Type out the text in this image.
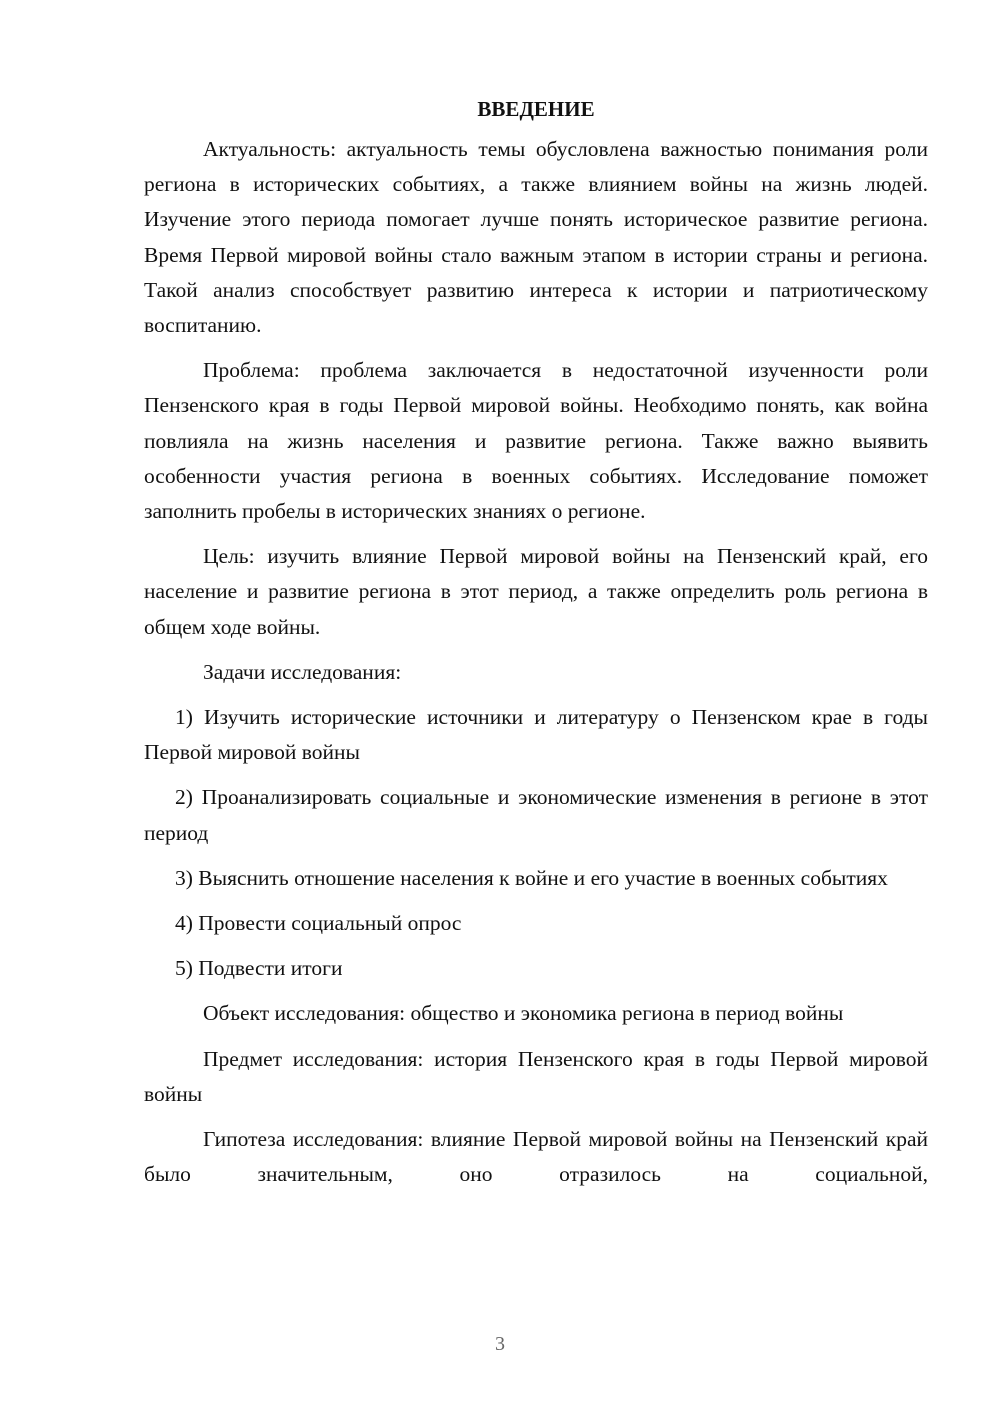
ВВЕДЕНИЕ

Актуальность: актуальность темы обусловлена важностью понимания роли региона в исторических событиях, а также влиянием войны на жизнь людей. Изучение этого периода помогает лучше понять историческое развитие региона. Время Первой мировой войны стало важным этапом в истории страны и региона. Такой анализ способствует развитию интереса к истории и патриотическому воспитанию.

Проблема: проблема заключается в недостаточной изученности роли Пензенского края в годы Первой мировой войны. Необходимо понять, как война повлияла на жизнь населения и развитие региона. Также важно выявить особенности участия региона в военных событиях. Исследование поможет заполнить пробелы в исторических знаниях о регионе.

Цель: изучить влияние Первой мировой войны на Пензенский край, его население и развитие региона в этот период, а также определить роль региона в общем ходе войны.

Задачи исследования:

1) Изучить исторические источники и литературу о Пензенском крае в годы Первой мировой войны

2) Проанализировать социальные и экономические изменения в регионе в этот период

3) Выяснить отношение населения к войне и его участие в военных событиях

4) Провести социальный опрос

5) Подвести итоги

Объект исследования: общество и экономика региона в период войны

Предмет исследования: история Пензенского края в годы Первой мировой войны

Гипотеза исследования: влияние Первой мировой войны на Пензенский край было значительным, оно отразилось на социальной,

3
